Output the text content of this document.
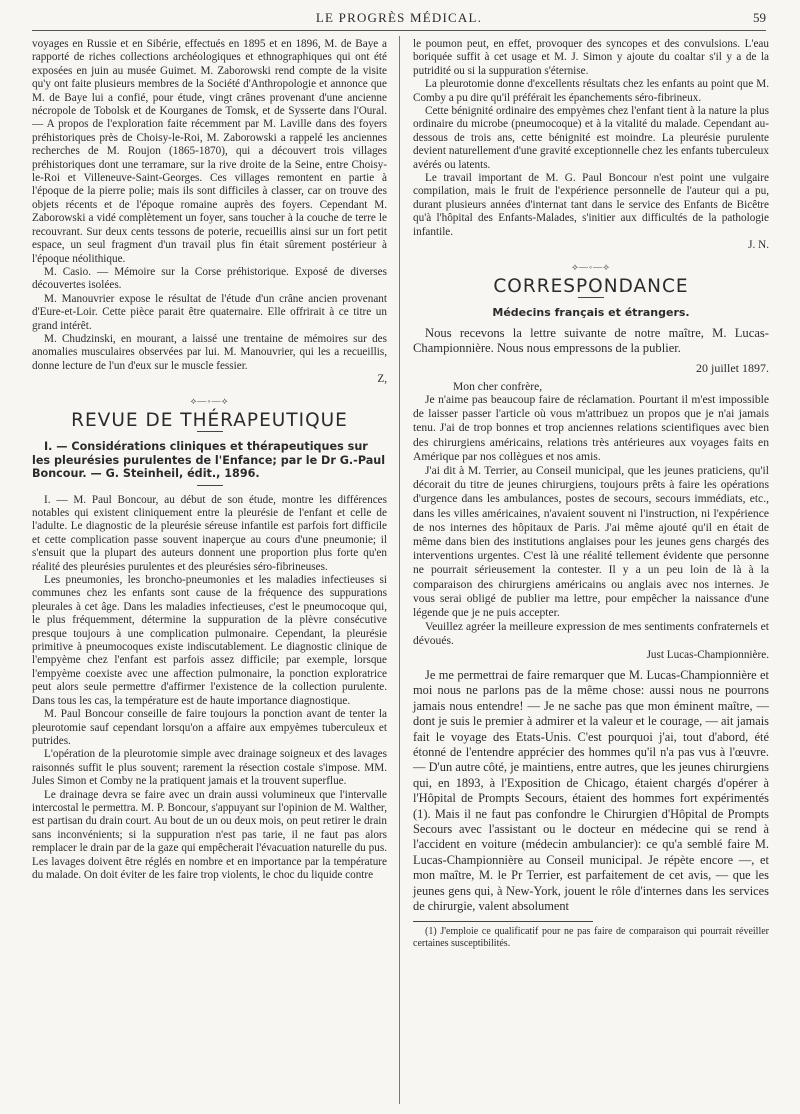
LE PROGRÈS MÉDICAL.	59

voyages en Russie et en Sibérie, effectués en 1895 et en 1896, M. de Baye a rapporté de riches collections archéologiques et ethnographiques qui ont été exposées en juin au musée Guimet. M. Zaborowski rend compte de la visite qu'y ont faite plusieurs membres de la Société d'Anthropologie et annonce que M. de Baye lui a confié, pour étude, vingt crânes provenant d'une ancienne nécropole de Tobolsk et de Kourganes de Tomsk, et de Sysserte dans l'Oural. — A propos de l'exploration faite récemment par M. Laville dans des foyers préhistoriques près de Choisy-le-Roi, M. Zaborowski a rappelé les anciennes recherches de M. Roujon (1865-1870), qui a découvert trois villages préhistoriques dont une terramare, sur la rive droite de la Seine, entre Choisy-le-Roi et Villeneuve-Saint-Georges. Ces villages remontent en partie à l'époque de la pierre polie; mais ils sont difficiles à classer, car on trouve des objets récents et de l'époque romaine auprès des foyers. Cependant M. Zaborowski a vidé complètement un foyer, sans toucher à la couche de terre le recouvrant. Sur deux cents tessons de poterie, recueillis ainsi sur un fort petit espace, un seul fragment d'un travail plus fin était sûrement postérieur à l'époque néolithique.

M. Casio. — Mémoire sur la Corse préhistorique. Exposé de diverses découvertes isolées.

M. Manouvrier expose le résultat de l'étude d'un crâne ancien provenant d'Eure-et-Loir. Cette pièce parait être quaternaire. Elle offrirait à ce titre un grand intérêt.

M. Chudzinski, en mourant, a laissé une trentaine de mémoires sur des anomalies musculaires observées par lui. M. Manouvrier, qui les a recueillis, donne lecture de l'un d'eux sur le muscle fessier.

Z,
⟡—◦—⟡
REVUE DE THÉRAPEUTIQUE

I. — Considérations cliniques et thérapeutiques sur les pleurésies purulentes de l'Enfance; par le Dr G.-Paul Boncour. — G. Steinheil, édit., 1896.

I. — M. Paul Boncour, au début de son étude, montre les différences notables qui existent cliniquement entre la pleurésie de l'enfant et celle de l'adulte. Le diagnostic de la pleurésie séreuse infantile est parfois fort difficile et cette complication passe souvent inaperçue au cours d'une pneumonie; il s'ensuit que la plupart des auteurs donnent une proportion plus forte qu'en réalité des pleurésies purulentes et des pleurésies séro-fibrineuses.

Les pneumonies, les broncho-pneumonies et les maladies infectieuses si communes chez les enfants sont cause de la fréquence des suppurations pleurales à cet âge. Dans les maladies infectieuses, c'est le pneumocoque qui, le plus fréquemment, détermine la suppuration de la plèvre consécutive presque toujours à une complication pulmonaire. Cependant, la pleurésie primitive à pneumocoques existe indiscutablement. Le diagnostic clinique de l'empyème chez l'enfant est parfois assez difficile; par exemple, lorsque l'empyème coexiste avec une affection pulmonaire, la ponction exploratrice peut alors seule permettre d'affirmer l'existence de la collection purulente. Dans tous les cas, la température est de haute importance diagnostique.

M. Paul Boncour conseille de faire toujours la ponction avant de tenter la pleurotomie sauf cependant lorsqu'on a affaire aux empyèmes tuberculeux et putrides.

L'opération de la pleurotomie simple avec drainage soigneux et des lavages raisonnés suffit le plus souvent; rarement la résection costale s'impose. MM. Jules Simon et Comby ne la pratiquent jamais et la trouvent superflue.

Le drainage devra se faire avec un drain aussi volumineux que l'intervalle intercostal le permettra. M. P. Boncour, s'appuyant sur l'opinion de M. Walther, est partisan du drain court. Au bout de un ou deux mois, on peut retirer le drain sans inconvénients; si la suppuration n'est pas tarie, il ne faut pas alors remplacer le drain par de la gaze qui empêcherait l'évacuation naturelle du pus. Les lavages doivent être réglés en nombre et en importance par la température du malade. On doit éviter de les faire trop violents, le choc du liquide contre

le poumon peut, en effet, provoquer des syncopes et des convulsions. L'eau boriquée suffit à cet usage et M. J. Simon y ajoute du coaltar s'il y a de la putridité ou si la suppuration s'éternise.

La pleurotomie donne d'excellents résultats chez les enfants au point que M. Comby a pu dire qu'il préférait les épanchements séro-fibrineux.

Cette bénignité ordinaire des empyèmes chez l'enfant tient à la nature la plus ordinaire du microbe (pneumocoque) et à la vitalité du malade. Cependant au-dessous de trois ans, cette bénignité est moindre. La pleurésie purulente devient naturellement d'une gravité exceptionnelle chez les enfants tuberculeux avérés ou latents.

Le travail important de M. G. Paul Boncour n'est point une vulgaire compilation, mais le fruit de l'expérience personnelle de l'auteur qui a pu, durant plusieurs années d'internat tant dans le service des Enfants de Bicêtre qu'à l'hôpital des Enfants-Malades, s'initier aux difficultés de la pathologie infantile.

J. N.
⟡—◦—⟡
CORRESPONDANCE
Médecins français et étrangers.

Nous recevons la lettre suivante de notre maître, M. Lucas-Championnière. Nous nous empressons de la publier.

20 juillet 1897.

Mon cher confrère,

Je n'aime pas beaucoup faire de réclamation. Pourtant il m'est impossible de laisser passer l'article où vous m'attribuez un propos que je n'ai jamais tenu. J'ai de trop bonnes et trop anciennes relations scientifiques avec bien des chirurgiens américains, relations très antérieures aux voyages faits en Amérique par nos collègues et nos amis.

J'ai dit à M. Terrier, au Conseil municipal, que les jeunes praticiens, qu'il décorait du titre de jeunes chirurgiens, toujours prêts à faire les opérations d'urgence dans les ambulances, postes de secours, secours immédiats, etc., dans les villes américaines, n'avaient souvent ni l'instruction, ni l'expérience de nos internes des hôpitaux de Paris. J'ai même ajouté qu'il en était de même dans bien des institutions anglaises pour les jeunes gens chargés des interventions urgentes. C'est là une réalité tellement évidente que personne ne pourrait sérieusement la contester. Il y a un peu loin de là à la comparaison des chirurgiens américains ou anglais avec nos internes. Je vous serai obligé de publier ma lettre, pour empêcher la naissance d'une légende que je ne puis accepter.

Veuillez agréer la meilleure expression de mes sentiments confraternels et dévoués.

Just Lucas-Championnière.

Je me permettrai de faire remarquer que M. Lucas-Championnière et moi nous ne parlons pas de la même chose: aussi nous ne pourrons jamais nous entendre! — Je ne sache pas que mon éminent maître, — dont je suis le premier à admirer et la valeur et le courage, — ait jamais fait le voyage des Etats-Unis. C'est pourquoi j'ai, tout d'abord, été étonné de l'entendre apprécier des hommes qu'il n'a pas vus à l'œuvre.— D'un autre côté, je maintiens, entre autres, que les jeunes chirurgiens qui, en 1893, à l'Exposition de Chicago, étaient chargés d'opérer à l'Hôpital de Prompts Secours, étaient des hommes fort expérimentés (1). Mais il ne faut pas confondre le Chirurgien d'Hôpital de Prompts Secours avec l'assistant ou le docteur en médecine qui se rend à l'accident en voiture (médecin ambulancier): ce qu'a semblé faire M. Lucas-Championnière au Conseil municipal. Je répète encore —, et mon maître, M. le Pr Terrier, est parfaitement de cet avis, — que les jeunes gens qui, à New-York, jouent le rôle d'internes dans les services de chirurgie, valent absolument

(1) J'emploie ce qualificatif pour ne pas faire de comparaison qui pourrait réveiller certaines susceptibilités.
